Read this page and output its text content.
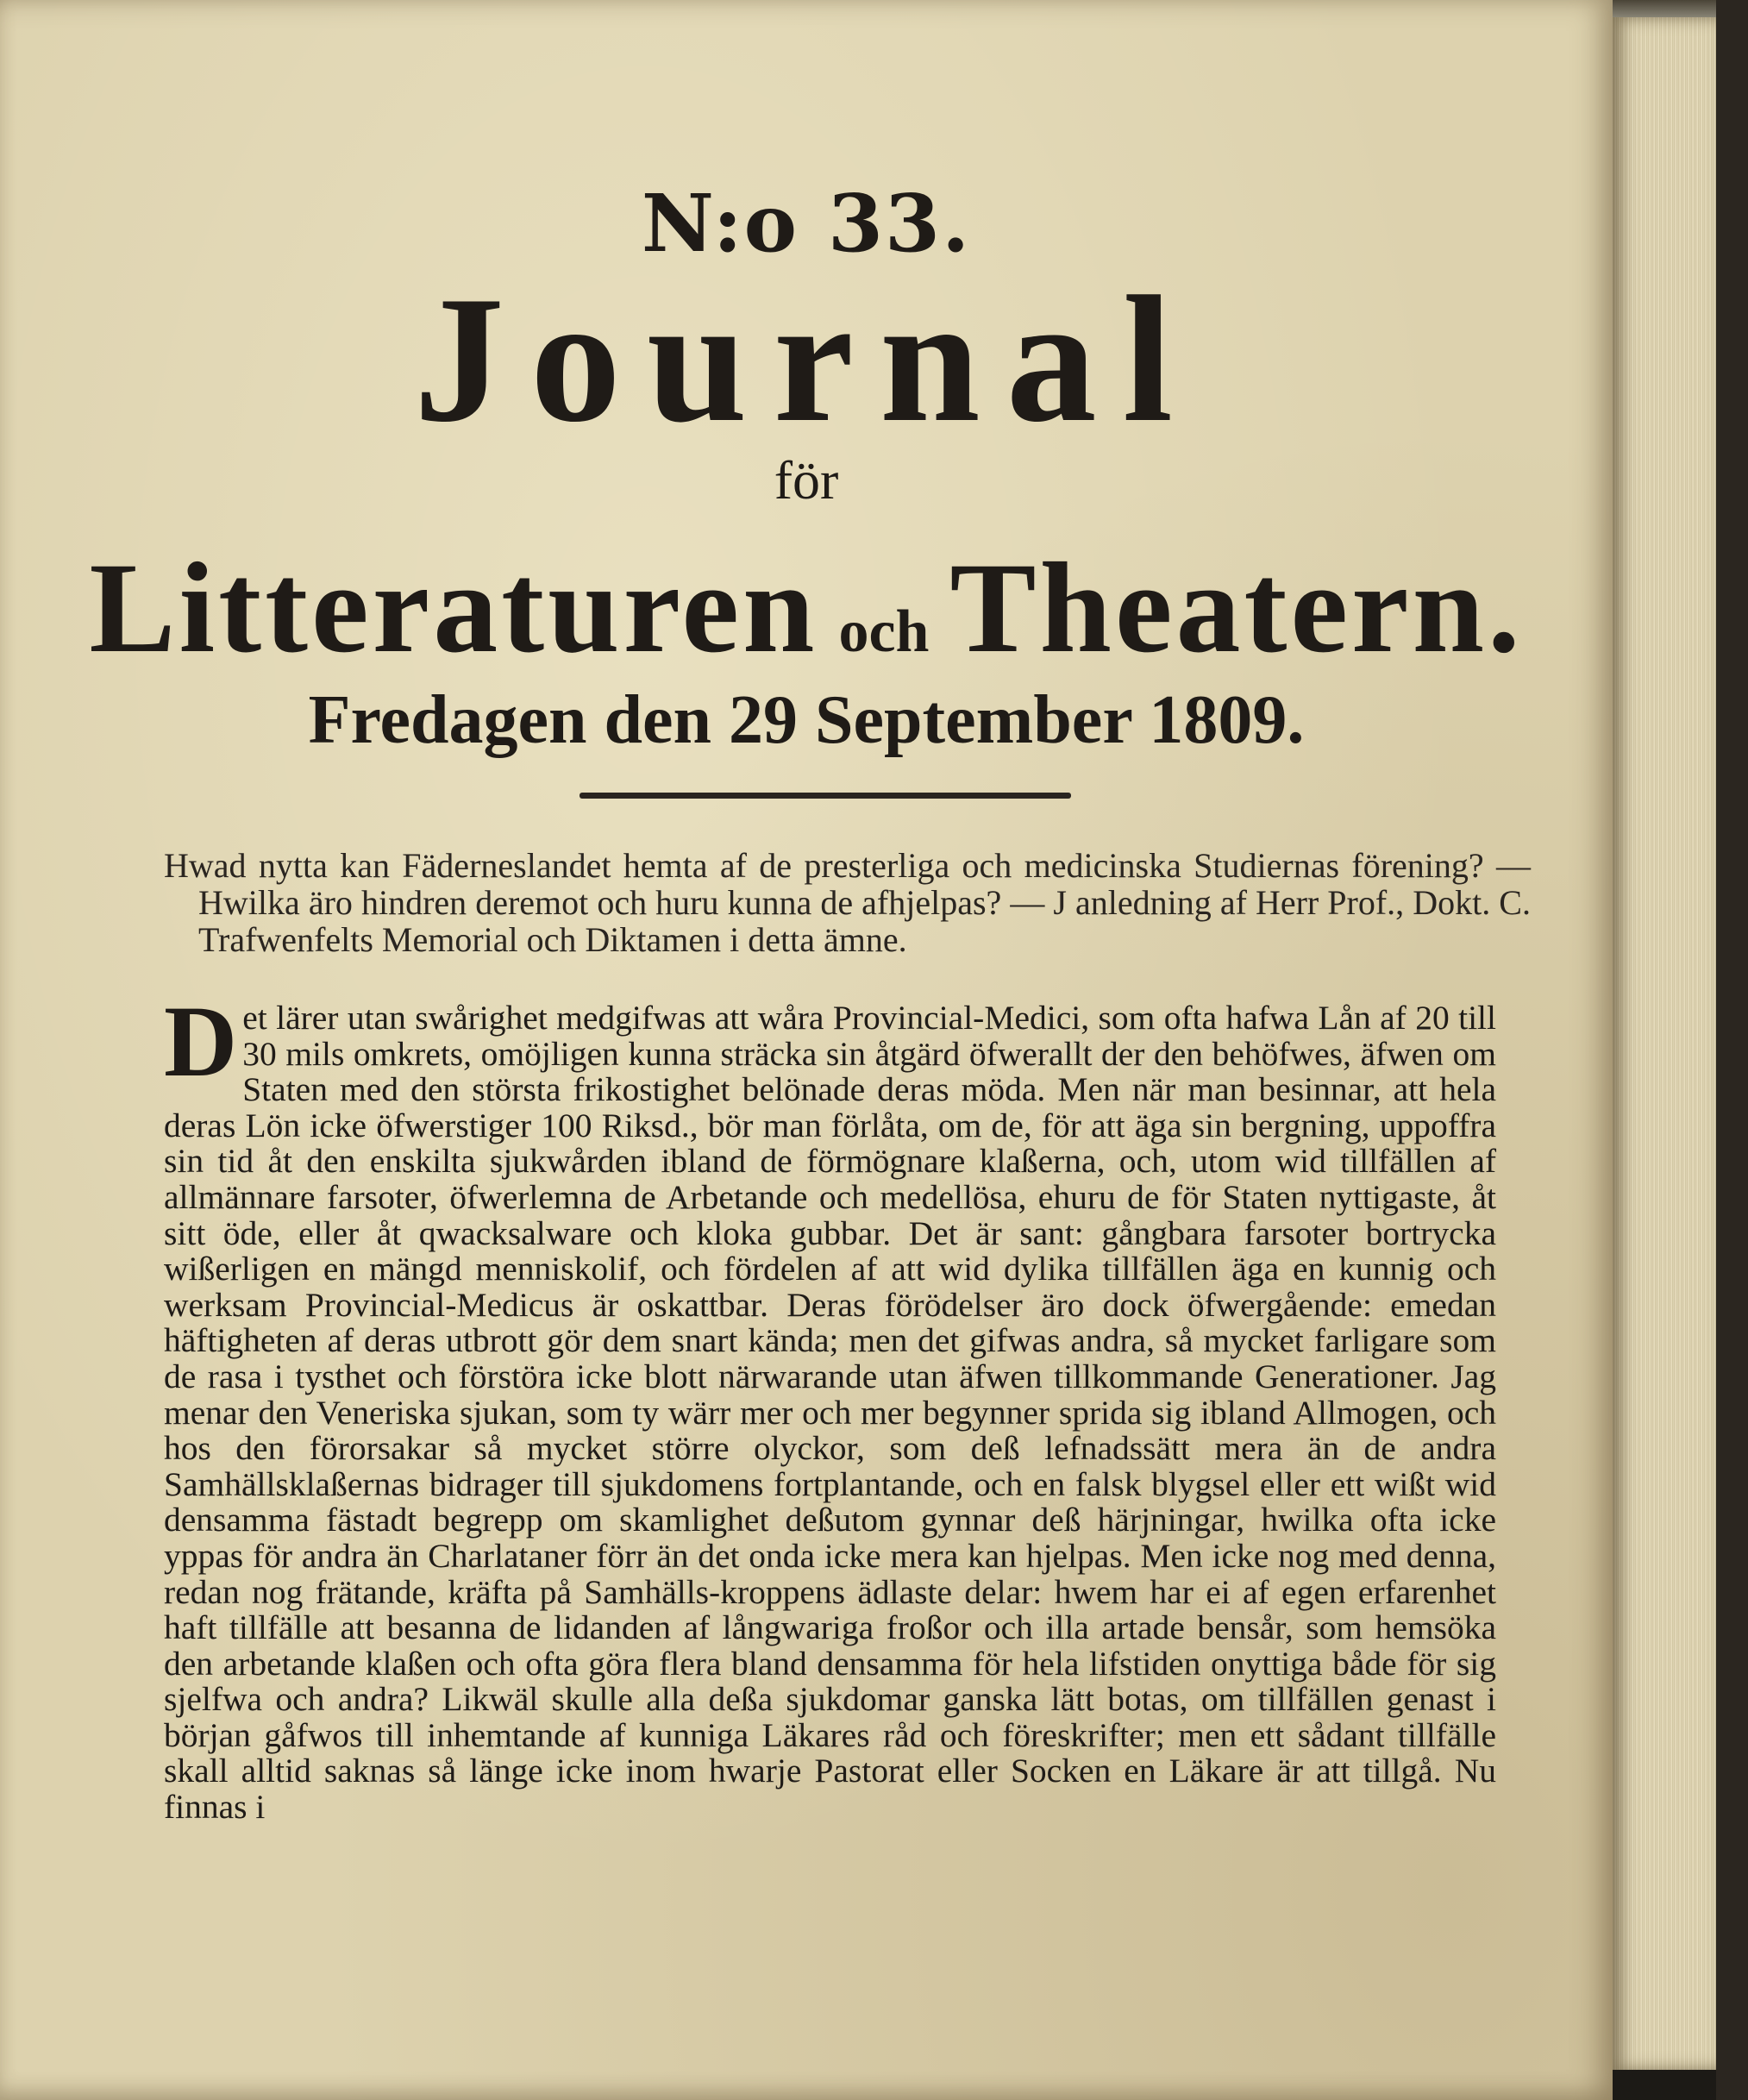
N:o 33.
Journal
för
Litteraturen och Theatern.
Fredagen den 29 September 1809.
Hwad nytta kan Fäderneslandet hemta af de presterliga och medicinska Studiernas förening? — Hwilka äro hindren deremot och huru kunna de afhjelpas? — J anledning af Herr Prof., Dokt. C. Trafwenfelts Memorial och Diktamen i detta ämne.

Det lärer utan swårighet medgifwas att wåra Provincial-Medici, som ofta hafwa Lån af 20 till 30 mils omkrets, omöjligen kunna sträcka sin åtgärd öfwerallt der den behöfwes, äfwen om Staten med den största frikostighet belönade deras möda. Men när man besinnar, att hela deras Lön icke öfwerstiger 100 Riksd., bör man förlåta, om de, för att äga sin bergning, uppoffra sin tid åt den enskilta sjukwården ibland de förmögnare klaßerna, och, utom wid tillfällen af allmännare farsoter, öfwerlemna de Arbetande och medellösa, ehuru de för Staten nyttigaste, åt sitt öde, eller åt qwacksalware och kloka gubbar. Det är sant: gångbara farsoter bortrycka wißerligen en mängd menniskolif, och fördelen af att wid dylika tillfällen äga en kunnig och werksam Provincial-Medicus är oskattbar. Deras förödelser äro dock öfwergående: emedan häftigheten af deras utbrott gör dem snart kända; men det gifwas andra, så mycket farligare som de rasa i tysthet och förstöra icke blott närwarande utan äfwen tillkommande Generationer. Jag menar den Veneriska sjukan, som ty wärr mer och mer begynner sprida sig ibland Allmogen, och hos den förorsakar så mycket större olyckor, som deß lefnadssätt mera än de andra Samhällsklaßernas bidrager till sjukdomens fortplantande, och en falsk blygsel eller ett wißt wid densamma fästadt begrepp om skamlighet deßutom gynnar deß härjningar, hwilka ofta icke yppas för andra än Charlataner förr än det onda icke mera kan hjelpas. Men icke nog med denna, redan nog frätande, kräfta på Samhälls-kroppens ädlaste delar: hwem har ei af egen erfarenhet haft tillfälle att besanna de lidanden af långwariga froßor och illa artade bensår, som hemsöka den arbetande klaßen och ofta göra flera bland densamma för hela lifstiden onyttiga både för sig sjelfwa och andra? Likwäl skulle alla deßa sjukdomar ganska lätt botas, om tillfällen genast i början gåfwos till inhemtande af kunniga Läkares råd och föreskrifter; men ett sådant tillfälle skall alltid saknas så länge icke inom hwarje Pastorat eller Socken en Läkare är att tillgå. Nu finnas i
